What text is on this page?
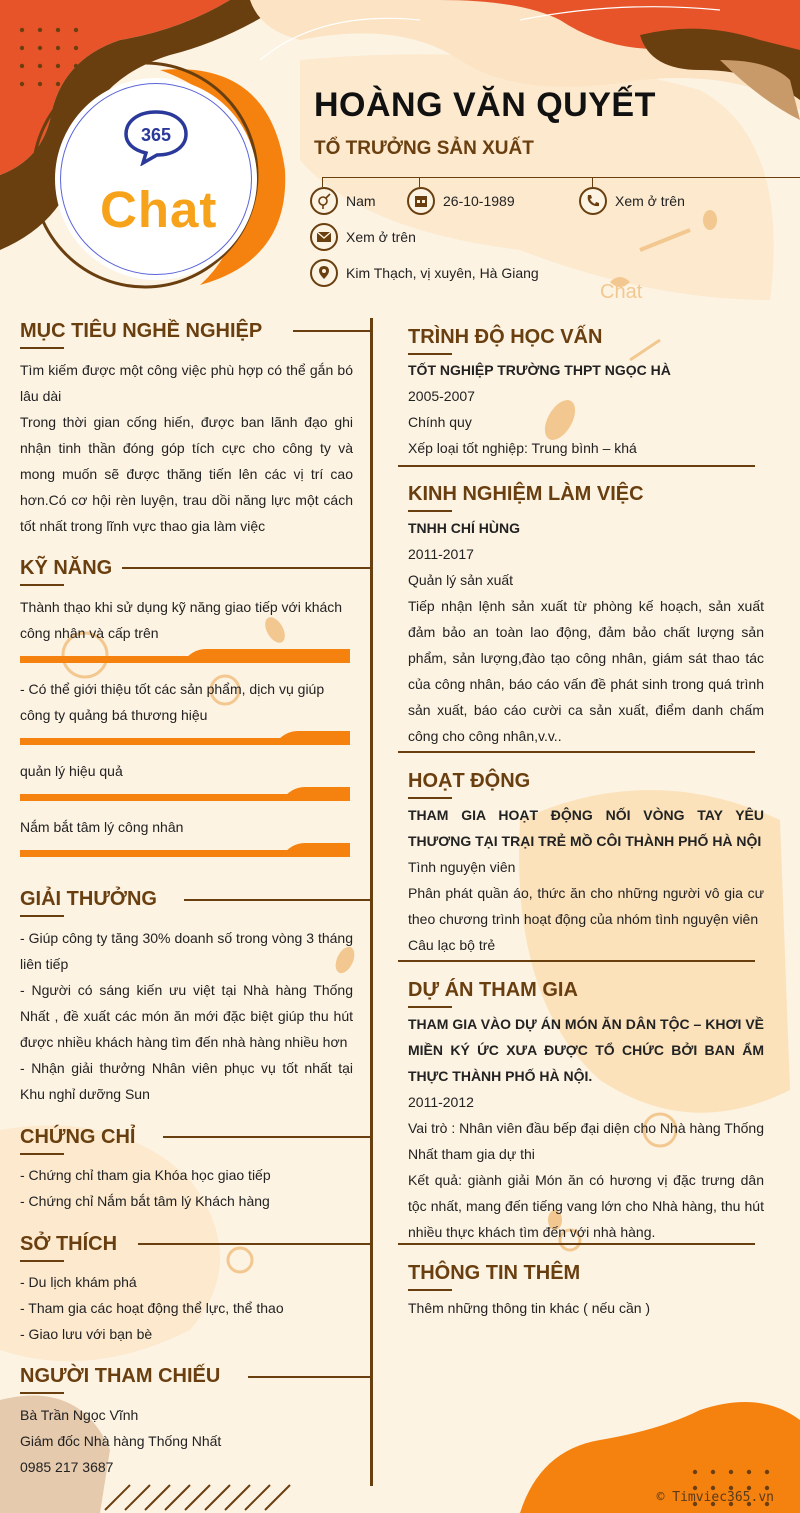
Chat
365
Chat
HOÀNG VĂN QUYẾT
TỔ TRƯỞNG SẢN XUẤT
Nam	26-10-1989	Xem ở trên
Xem ở trên
Kim Thạch, vị xuyên, Hà Giang
MỤC TIÊU NGHỀ NGHIỆP

Tìm kiếm được một công việc phù hợp có thể gắn bó lâu dài

Trong thời gian cống hiến, được ban lãnh đạo ghi nhận tinh thần đóng góp tích cực cho công ty và mong muốn sẽ được thăng tiến lên các vị trí cao hơn.Có cơ hội rèn luyện, trau dồi năng lực một cách tốt nhất trong lĩnh vực thao gia làm việc

KỸ NĂNG
Thành thạo khi sử dụng kỹ năng giao tiếp với khách công nhân và cấp trên
- Có thể giới thiệu tốt các sản phẩm, dịch vụ giúp công ty quảng bá thương hiệu
quản lý hiệu quả
Nắm bắt tâm lý công nhân
GIẢI THƯỞNG

- Giúp công ty tăng 30% doanh số trong vòng 3 tháng liên tiếp

- Người có sáng kiến ưu việt tại Nhà hàng Thống Nhất , đề xuất các món ăn mới đặc biệt giúp thu hút được nhiều khách hàng tìm đến nhà hàng nhiều hơn

- Nhận giải thưởng Nhân viên phục vụ tốt nhất tại Khu nghỉ dưỡng Sun

CHỨNG CHỈ

- Chứng chỉ tham gia Khóa học giao tiếp

- Chứng chỉ Nắm bắt tâm lý Khách hàng

SỞ THÍCH

- Du lịch khám phá

- Tham gia các hoạt động thể lực, thể thao

- Giao lưu với bạn bè

NGƯỜI THAM CHIẾU

Bà Trần Ngọc Vĩnh

Giám đốc Nhà hàng Thống Nhất

0985 217 3687

TRÌNH ĐỘ HỌC VẤN

TỐT NGHIỆP TRƯỜNG THPT NGỌC HÀ

2005-2007

Chính quy

Xếp loại tốt nghiệp: Trung bình – khá

KINH NGHIỆM LÀM VIỆC

TNHH CHÍ HÙNG

2011-2017

Quản lý sản xuất

Tiếp nhận lệnh sản xuất từ phòng kế hoạch, sản xuất đảm bảo an toàn lao động, đảm bảo chất lượng sản phẩm, sản lượng,đào tạo công nhân, giám sát thao tác của công nhân, báo cáo vấn đề phát sinh trong quá trình sản xuất, báo cáo cười ca sản xuất, điểm danh chấm công cho công nhân,v.v..

HOẠT ĐỘNG

THAM GIA HOẠT ĐỘNG NỐI VÒNG TAY YÊU THƯƠNG TẠI TRẠI TRẺ MỒ CÔI THÀNH PHỐ HÀ NỘI

Tình nguyện viên

Phân phát quần áo, thức ăn cho những người vô gia cư theo chương trình hoạt động của nhóm tình nguyện viên

Câu lạc bộ trẻ

DỰ ÁN THAM GIA

THAM GIA VÀO DỰ ÁN MÓN ĂN DÂN TỘC – KHƠI VỀ MIỀN KÝ ỨC XƯA ĐƯỢC TỔ CHỨC BỞI BAN ẨM THỰC THÀNH PHỐ HÀ NỘI.

2011-2012

Vai trò : Nhân viên đầu bếp đại diện cho Nhà hàng Thống Nhất tham gia dự thi

Kết quả: giành giải Món ăn có hương vị đặc trưng dân tộc nhất, mang đến tiếng vang lớn cho Nhà hàng, thu hút nhiều thực khách tìm đến với nhà hàng.

THÔNG TIN THÊM

Thêm những thông tin khác ( nếu cần )

© Timviec365.vn
